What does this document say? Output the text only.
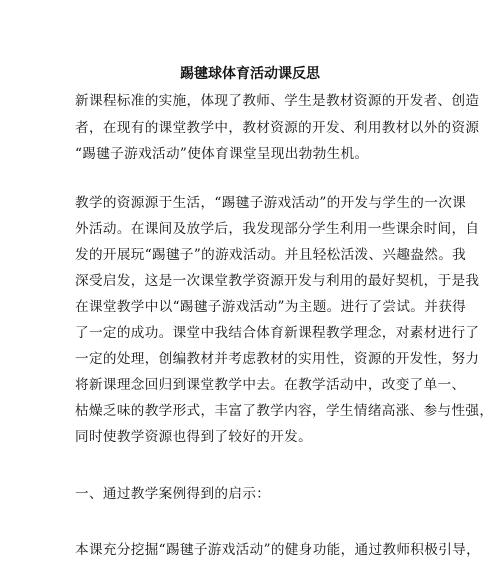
踢毽球体育活动课反思
新课程标准的实施，体现了教师、学生是教材资源的开发者、创造
者，在现有的课堂教学中，教材资源的开发、利用教材以外的资源
“踢毽子游戏活动”使体育课堂呈现出勃勃生机。
教学的资源源于生活，“踢毽子游戏活动”的开发与学生的一次课
外活动。在课间及放学后，我发现部分学生利用一些课余时间，自
发的开展玩“踢毽子”的游戏活动。并且轻松活泼、兴趣盎然。我
深受启发，这是一次课堂教学资源开发与利用的最好契机，于是我
在课堂教学中以“踢毽子游戏活动”为主题。进行了尝试。并获得
了一定的成功。课堂中我结合体育新课程教学理念，对素材进行了
一定的处理，创编教材并考虑教材的实用性，资源的开发性，努力
将新课理念回归到课堂教学中去。在教学活动中，改变了单一、
枯燥乏味的教学形式，丰富了教学内容，学生情绪高涨、参与性强，
同时使教学资源也得到了较好的开发。
一、通过教学案例得到的启示：
本课充分挖掘“踢毽子游戏活动”的健身功能，通过教师积极引导，
